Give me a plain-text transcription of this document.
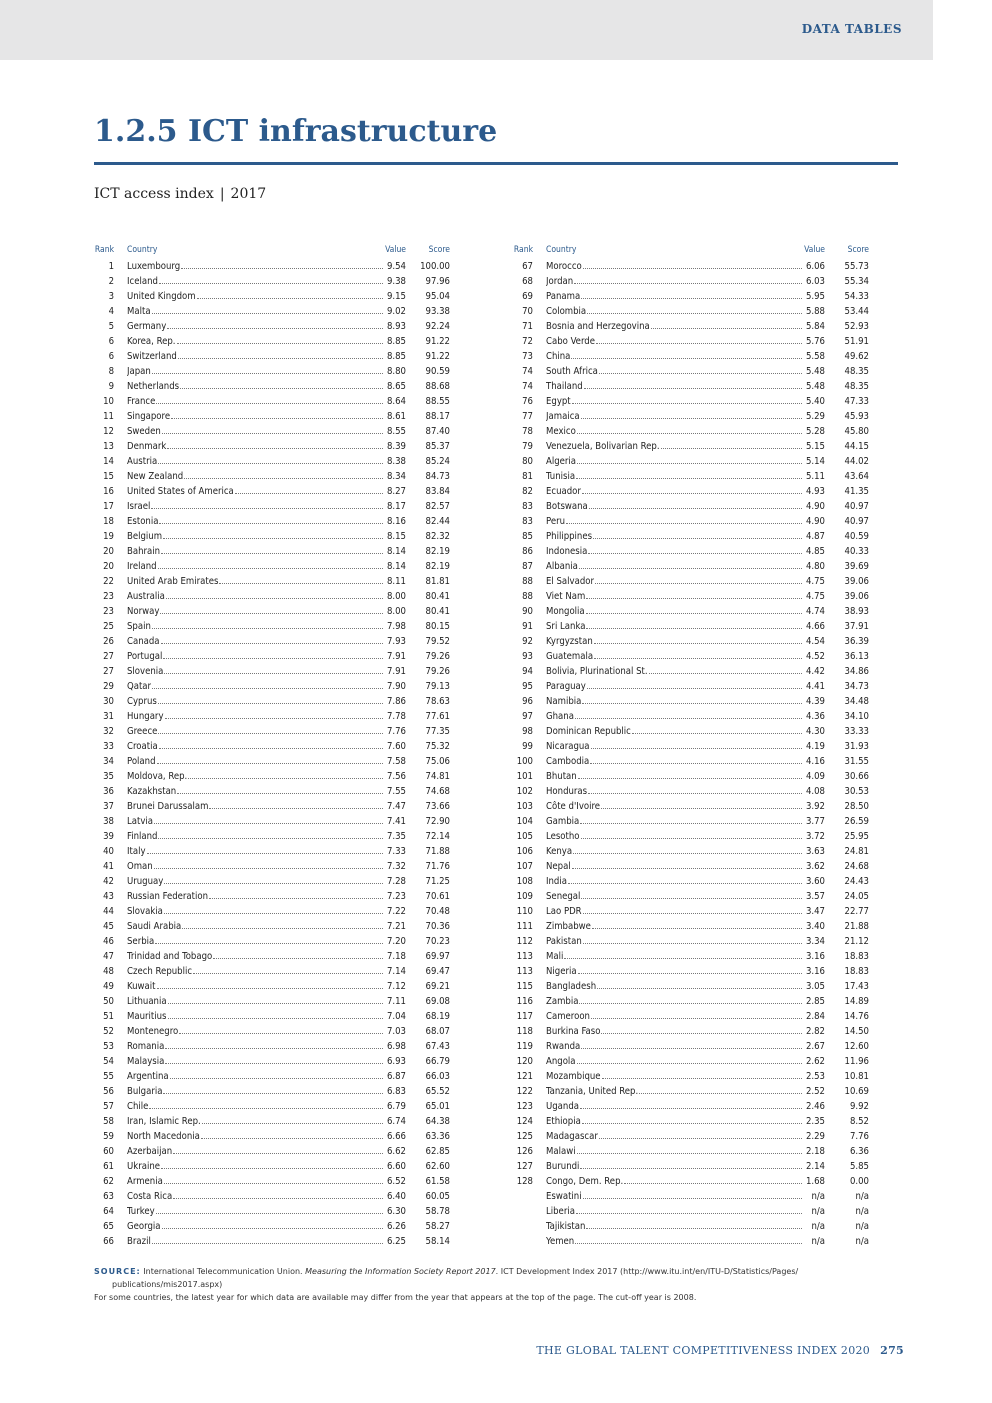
DATA TABLES
1.2.5 ICT infrastructure
ICT access index | 2017
Rank Country	Value	Score
1 Luxembourg	9.54	100.00
2 Iceland	9.38	97.96
3 United Kingdom	9.15	95.04
4 Malta	9.02	93.38
5 Germany	8.93	92.24
6 Korea, Rep.	8.85	91.22
6 Switzerland	8.85	91.22
8 Japan	8.80	90.59
9 Netherlands	8.65	88.68
10 France	8.64	88.55
11 Singapore	8.61	88.17
12 Sweden	8.55	87.40
13 Denmark	8.39	85.37
14 Austria	8.38	85.24
15 New Zealand	8.34	84.73
16 United States of America	8.27	83.84
17 Israel	8.17	82.57
18 Estonia	8.16	82.44
19 Belgium	8.15	82.32
20 Bahrain	8.14	82.19
20 Ireland	8.14	82.19
22 United Arab Emirates	8.11	81.81
23 Australia	8.00	80.41
23 Norway	8.00	80.41
25 Spain	7.98	80.15
26 Canada	7.93	79.52
27 Portugal	7.91	79.26
27 Slovenia	7.91	79.26
29 Qatar	7.90	79.13
30 Cyprus	7.86	78.63
31 Hungary	7.78	77.61
32 Greece	7.76	77.35
33 Croatia	7.60	75.32
34 Poland	7.58	75.06
35 Moldova, Rep.	7.56	74.81
36 Kazakhstan	7.55	74.68
37 Brunei Darussalam	7.47	73.66
38 Latvia	7.41	72.90
39 Finland	7.35	72.14
40 Italy	7.33	71.88
41 Oman	7.32	71.76
42 Uruguay	7.28	71.25
43 Russian Federation	7.23	70.61
44 Slovakia	7.22	70.48
45 Saudi Arabia	7.21	70.36
46 Serbia	7.20	70.23
47 Trinidad and Tobago	7.18	69.97
48 Czech Republic	7.14	69.47
49 Kuwait	7.12	69.21
50 Lithuania	7.11	69.08
51 Mauritius	7.04	68.19
52 Montenegro	7.03	68.07
53 Romania	6.98	67.43
54 Malaysia	6.93	66.79
55 Argentina	6.87	66.03
56 Bulgaria	6.83	65.52
57 Chile	6.79	65.01
58 Iran, Islamic Rep.	6.74	64.38
59 North Macedonia	6.66	63.36
60 Azerbaijan	6.62	62.85
61 Ukraine	6.60	62.60
62 Armenia	6.52	61.58
63 Costa Rica	6.40	60.05
64 Turkey	6.30	58.78
65 Georgia	6.26	58.27
66 Brazil	6.25	58.14
Rank Country	Value	Score
67 Morocco	6.06	55.73
68 Jordan	6.03	55.34
69 Panama	5.95	54.33
70 Colombia	5.88	53.44
71 Bosnia and Herzegovina	5.84	52.93
72 Cabo Verde	5.76	51.91
73 China	5.58	49.62
74 South Africa	5.48	48.35
74 Thailand	5.48	48.35
76 Egypt	5.40	47.33
77 Jamaica	5.29	45.93
78 Mexico	5.28	45.80
79 Venezuela, Bolivarian Rep.	5.15	44.15
80 Algeria	5.14	44.02
81 Tunisia	5.11	43.64
82 Ecuador	4.93	41.35
83 Botswana	4.90	40.97
83 Peru	4.90	40.97
85 Philippines	4.87	40.59
86 Indonesia	4.85	40.33
87 Albania	4.80	39.69
88 El Salvador	4.75	39.06
88 Viet Nam	4.75	39.06
90 Mongolia	4.74	38.93
91 Sri Lanka	4.66	37.91
92 Kyrgyzstan	4.54	36.39
93 Guatemala	4.52	36.13
94 Bolivia, Plurinational St.	4.42	34.86
95 Paraguay	4.41	34.73
96 Namibia	4.39	34.48
97 Ghana	4.36	34.10
98 Dominican Republic	4.30	33.33
99 Nicaragua	4.19	31.93
100 Cambodia	4.16	31.55
101 Bhutan	4.09	30.66
102 Honduras	4.08	30.53
103 Côte d'Ivoire	3.92	28.50
104 Gambia	3.77	26.59
105 Lesotho	3.72	25.95
106 Kenya	3.63	24.81
107 Nepal	3.62	24.68
108 India	3.60	24.43
109 Senegal	3.57	24.05
110 Lao PDR	3.47	22.77
111 Zimbabwe	3.40	21.88
112 Pakistan	3.34	21.12
113 Mali	3.16	18.83
113 Nigeria	3.16	18.83
115 Bangladesh	3.05	17.43
116 Zambia	2.85	14.89
117 Cameroon	2.84	14.76
118 Burkina Faso	2.82	14.50
119 Rwanda	2.67	12.60
120 Angola	2.62	11.96
121 Mozambique	2.53	10.81
122 Tanzania, United Rep.	2.52	10.69
123 Uganda	2.46	9.92
124 Ethiopia	2.35	8.52
125 Madagascar	2.29	7.76
126 Malawi	2.18	6.36
127 Burundi	2.14	5.85
128 Congo, Dem. Rep.	1.68	0.00
Eswatini	n/a	n/a
Liberia	n/a	n/a
Tajikistan	n/a	n/a
Yemen	n/a	n/a
SOURCE: International Telecommunication Union. Measuring the Information Society Report 2017. ICT Development Index 2017 (http://www.itu.int/en/ITU-D/Statistics/Pages/
publications/mis2017.aspx)
For some countries, the latest year for which data are available may differ from the year that appears at the top of the page. The cut-off year is 2008.
THE GLOBAL TALENT COMPETITIVENESS INDEX 2020 275
